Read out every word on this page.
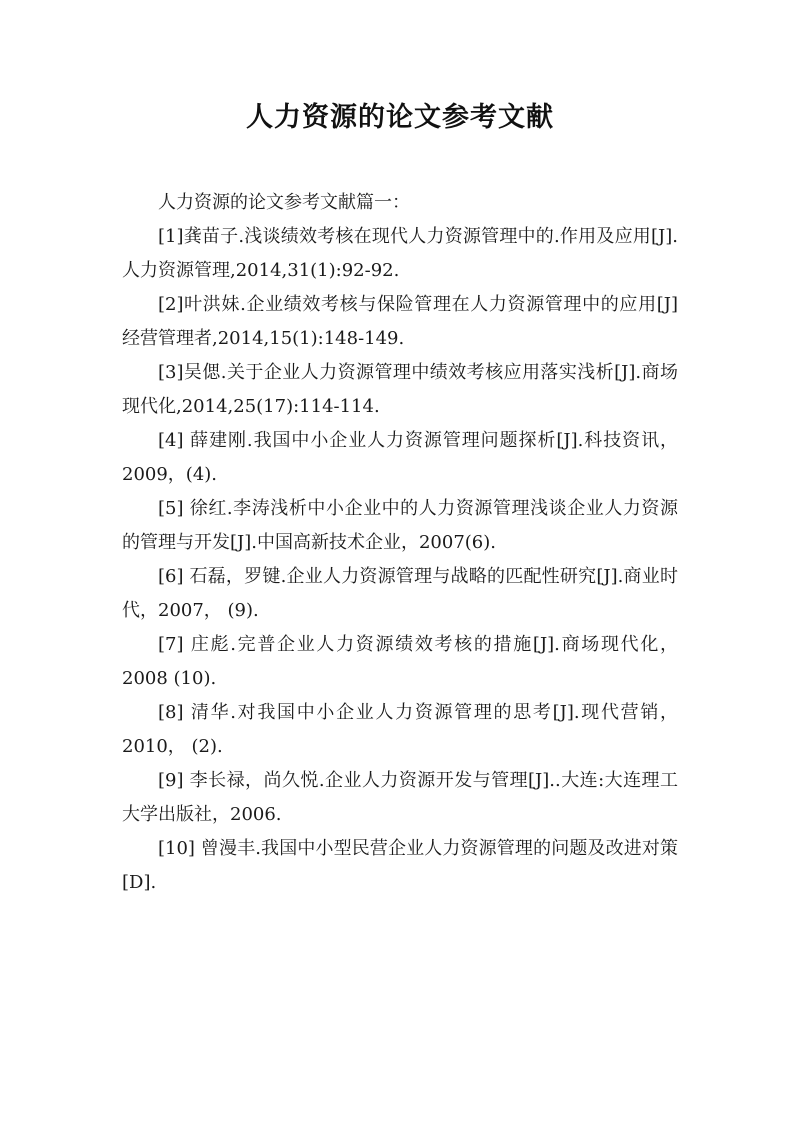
人力资源的论文参考文献

人力资源的论文参考文献篇一：

[1]龚苗子.浅谈绩效考核在现代人力资源管理中的.作用及应用[J].人力资源管理,2014,31(1):92-92.

[2]叶洪妹.企业绩效考核与保险管理在人力资源管理中的应用[J]经营管理者,2014,15(1):148-149.

[3]吴偲.关于企业人力资源管理中绩效考核应用落实浅析[J].商场现代化,2014,25(17):114-114.

[4] 薛建刚.我国中小企业人力资源管理问题探析[J].科技资讯，2009，(4).

[5] 徐红.李涛浅析中小企业中的人力资源管理浅谈企业人力资源的管理与开发[J].中国高新技术企业，2007(6).

[6] 石磊，罗键.企业人力资源管理与战略的匹配性研究[J].商业时代，2007， (9).

[7] 庄彪.完普企业人力资源绩效考核的措施[J].商场现代化，2008 (10).

[8] 清华.对我国中小企业人力资源管理的思考[J].现代营销，2010， (2).

[9] 李长禄，尚久悦.企业人力资源开发与管理[J]..大连:大连理工大学出版社，2006.

[10] 曾漫丰.我国中小型民营企业人力资源管理的问题及改进对策[D].
